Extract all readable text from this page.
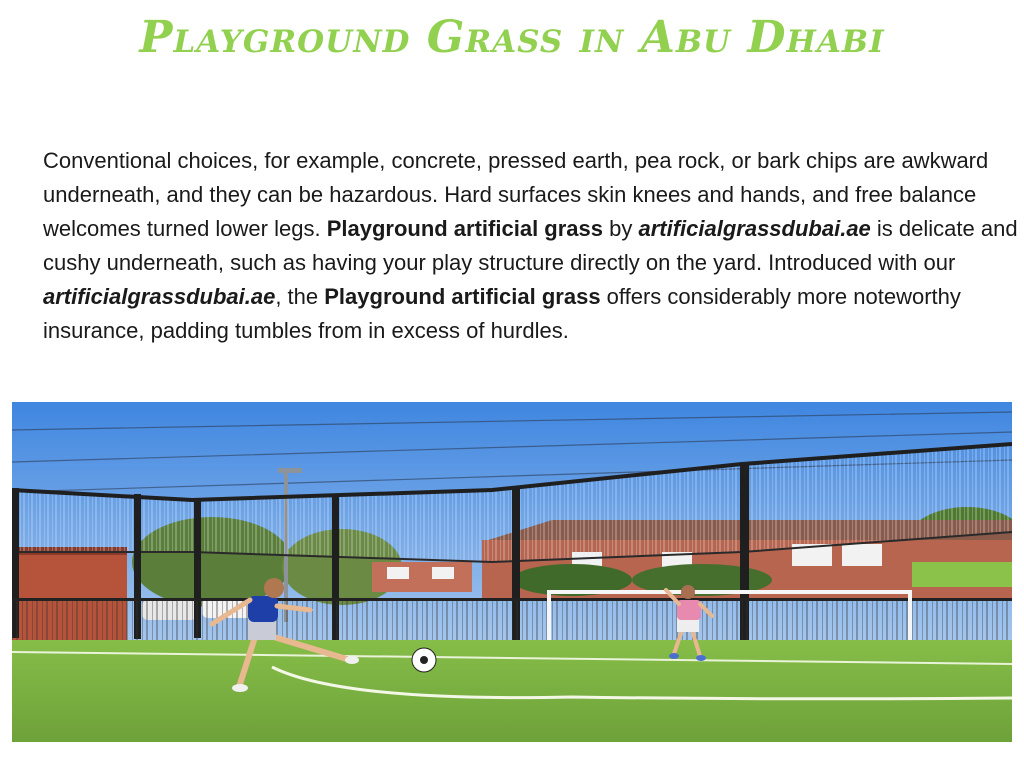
Playground Grass in Abu Dhabi

Conventional choices, for example, concrete, pressed earth, pea rock, or bark chips are awkward underneath, and they can be hazardous. Hard surfaces skin knees and hands, and free balance welcomes turned lower legs. Playground artificial grass by artificialgrassdubai.ae is delicate and cushy underneath, such as having your play structure directly on the yard. Introduced with our artificialgrassdubai.ae, the Playground artificial grass offers considerably more noteworthy insurance, padding tumbles from in excess of hurdles.
